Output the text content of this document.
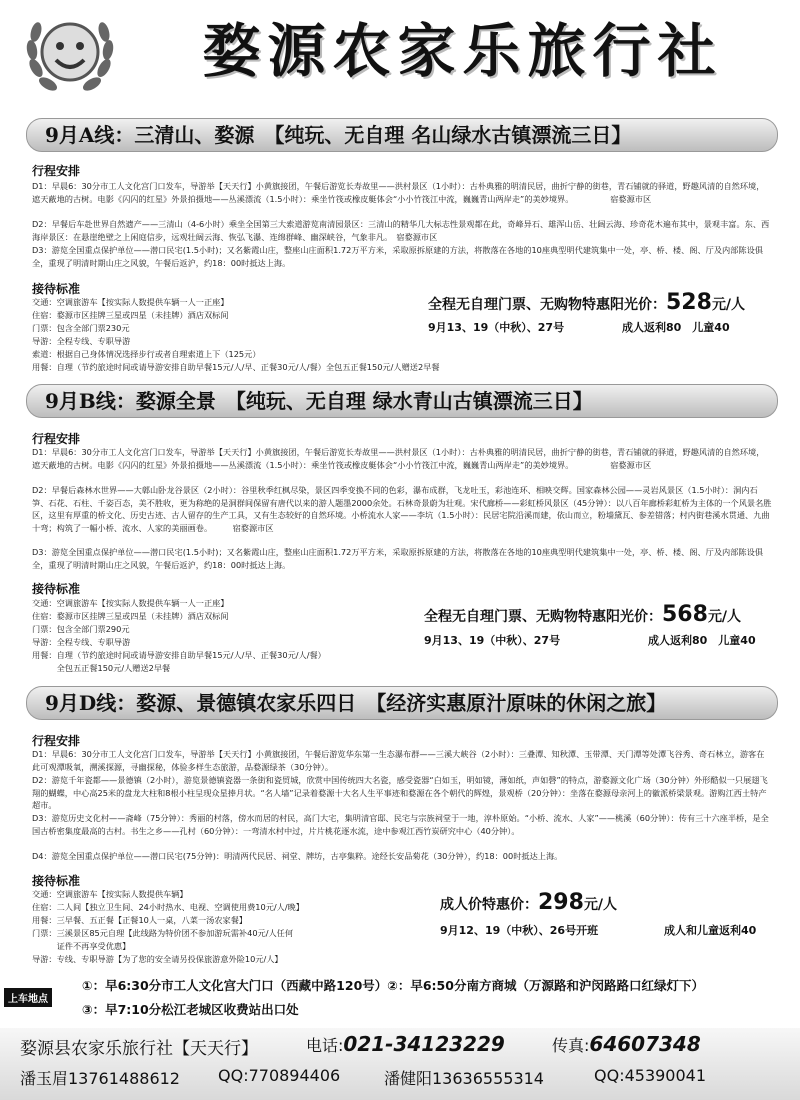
婺源农家乐旅行社
9月A线：三清山、婺源　【纯玩、无自理 名山绿水古镇漂流三日】
行程安排
D1：早晨6：30分市工人文化宫门口发车，导游举【天天行】小黄旗接团，午餐后游览长寿故里——洪村景区（1小时）：古朴典雅的明清民居，曲折宁静的街巷，青石铺就的驿道，野趣风清的自然环境，遮天蔽地的古树。电影《闪闪的红星》外景拍摄地——丛溪漂流（1.5小时）：乘坐竹筏或橡皮艇体会“小小竹筏江中流，巍巍青山两岸走”的美妙境界。　　　　　宿婺源市区
D2：早餐后车赴世界自然遗产——三清山（4-6小时）乘坐全国第三大索道游览南清园景区：三清山的精华几大标志性景观都在此，奇峰异石、雄浑山岳、壮阔云海、珍奇花木遍布其中，景观丰富。东、西海岸景区：在悬崖绝壁之上闲庭信步，远观壮阔云海、恢弘飞瀑、连绵群峰、幽深峡谷，气象非凡。　宿婺源市区
D3：游览全国重点保护单位——潜口民宅(1.5小时)；又名紫霞山庄，整座山庄面积1.72万平方米，采取原拆原建的方法，将散落在各地的10座典型明代建筑集中一处，亭、桥、楼、阁、厅及内部陈设俱全，重现了明清时期山庄之风貌，午餐后返沪，约18：00时抵达上海。
接待标准
交通：空调旅游车【按实际人数提供车辆一人一正座】
住宿：婺源市区挂牌三星或四星（未挂牌）酒店双标间
门票：包含全部门票230元
导游：全程专线、专职导游
索道：根据自己身体情况选择步行或者自理索道上下（125元）
用餐：自理（节约旅途时间或请导游安排自助早餐15元/人/早、正餐30元/人/餐）全包五正餐150元/人赠送2早餐
全程无自理门票、无购物特惠阳光价：528元/人
9月13、19（中秋）、27号	成人返利80　儿童40
9月B线：婺源全景　【纯玩、无自理 绿水青山古镇漂流三日】
行程安排
D1：早晨6：30分市工人文化宫门口发车，导游举【天天行】小黄旗接团，午餐后游览长寿故里——洪村景区（1小时）：古朴典雅的明清民居，曲折宁静的街巷，青石铺就的驿道，野趣风清的自然环境，遮天蔽地的古树。电影《闪闪的红星》外景拍摄地——丛溪漂流（1.5小时）：乘坐竹筏或橡皮艇体会“小小竹筏江中流，巍巍青山两岸走”的美妙境界。　　　　　宿婺源市区
D2：早餐后森林水世界——大鄣山卧龙谷景区（2小时）：谷里秋季红枫尽染，景区四季变换不同的色彩，瀑布成群，飞龙吐玉，彩池连环、相映交辉。国家森林公园——灵岩风景区（1.5小时）：洞内石笋、石花、石柱、千姿百态，美不胜收，更为称绝的是洞群间保留有唐代以来的游人题墨2000余处。石林奇景蔚为壮观。宋代廊桥——彩虹桥风景区（45分钟）：以八百年廊桥彩虹桥为主体的一个风景名胜区，这里有厚重的桥文化、历史古迹、古人留存的生产工具，又有生态较好的自然环境。小桥流水人家——李坑（1.5小时）：民居宅院沿溪而建，依山而立，粉墙黛瓦、参差错落；村内街巷溪水贯通、九曲十弯；构筑了一幅小桥、流水、人家的美丽画卷。　　　宿婺源市区
D3：游览全国重点保护单位——潜口民宅(1.5小时)；又名紫霞山庄，整座山庄面积1.72万平方米，采取原拆原建的方法，将散落在各地的10座典型明代建筑集中一处，亭、桥、楼、阁、厅及内部陈设俱全，重现了明清时期山庄之风貌，午餐后返沪，约18：00时抵达上海。
接待标准
交通：空调旅游车【按实际人数提供车辆一人一正座】
住宿：婺源市区挂牌三星或四星（未挂牌）酒店双标间
门票：包含全部门票290元
导游：全程专线、专职导游
用餐：自理（节约旅途时间或请导游安排自助早餐15元/人/早、正餐30元/人/餐）
　　　全包五正餐150元/人赠送2早餐
全程无自理门票、无购物特惠阳光价：568元/人
9月13、19（中秋）、27号	成人返利80　儿童40
9月D线：婺源、景德镇农家乐四日　【经济实惠原汁原味的休闲之旅】
行程安排
D1：早晨6：30分市工人文化宫门口发车，导游举【天天行】小黄旗接团，午餐后游览华东第一生态瀑布群——三溪大峡谷（2小时）：三叠潭、知秋潭、玉带潭、天门潭等处潭飞谷秀、奇石林立，游客在此可观潭吸氧，溯溪探源，寻幽探秘，体验多样生态旅游，品婺源绿茶（30分钟）。
D2：游览千年瓷都——景德镇（2小时），游览景德镇瓷器一条街和瓷贸城，欣赏中国传统四大名瓷，感受瓷器“白如玉，明如镜，薄如纸，声如磬”的特点，游婺源文化广场（30分钟）外形酷似一只展翅飞翔的蝴蝶，中心高25米的盘龙大柱和8根小柱呈现众星捧月状。“名人墙”记录着婺源十大名人生平事迹和婺源在各个朝代的辉煌，景观桥（20分钟）：坐落在婺源母亲河上的徽派桥梁景观。游购江西土特产超市。
D3：游览历史文化村——斋峰（75分钟）：秀丽的村落，傍水而居的村民，高门大宅，集明清官邸、民宅与宗族祠堂于一地，淳朴原始。“小桥、流水、人家”——桃溪（60分钟）：传有三十六座半桥，是全国古桥密集度最高的古村。书生之乡——孔村（60分钟）：一弯清水村中过，片片桃花逐水流，途中参观江西竹炭研究中心（40分钟）。
D4：游览全国重点保护单位——潜口民宅(75分钟)：明清两代民居、祠堂、牌坊，古亭集粹。途经长安品菊花（30分钟），约18：00时抵达上海。
接待标准
交通：空调旅游车【按实际人数提供车辆】
住宿：二人间【独立卫生间、24小时热水、电视、空调使用费10元/人/晚】
用餐：三早餐、五正餐【正餐10人一桌，八菜一汤农家餐】
门票：三溪景区85元自理【此线路为特价团不参加游玩需补40元/人任何
　　　证件不再享受优惠】
导游：专线、专职导游【为了您的安全请另投保旅游意外险10元/人】
成人价特惠价：298元/人
9月12、19（中秋）、26号开班	成人和儿童返利40
上车地点
①：早6:30分市工人文化宫大门口（西藏中路120号）②：早6:50分南方商城（万源路和沪闵路路口红绿灯下）
③：早7:10分松江老城区收费站出口处
婺源县农家乐旅行社【天天行】	电话:021-34123229	传真:64607348
潘玉眉13761488612 QQ:770894406	潘健阳13636555314	QQ:45390041
